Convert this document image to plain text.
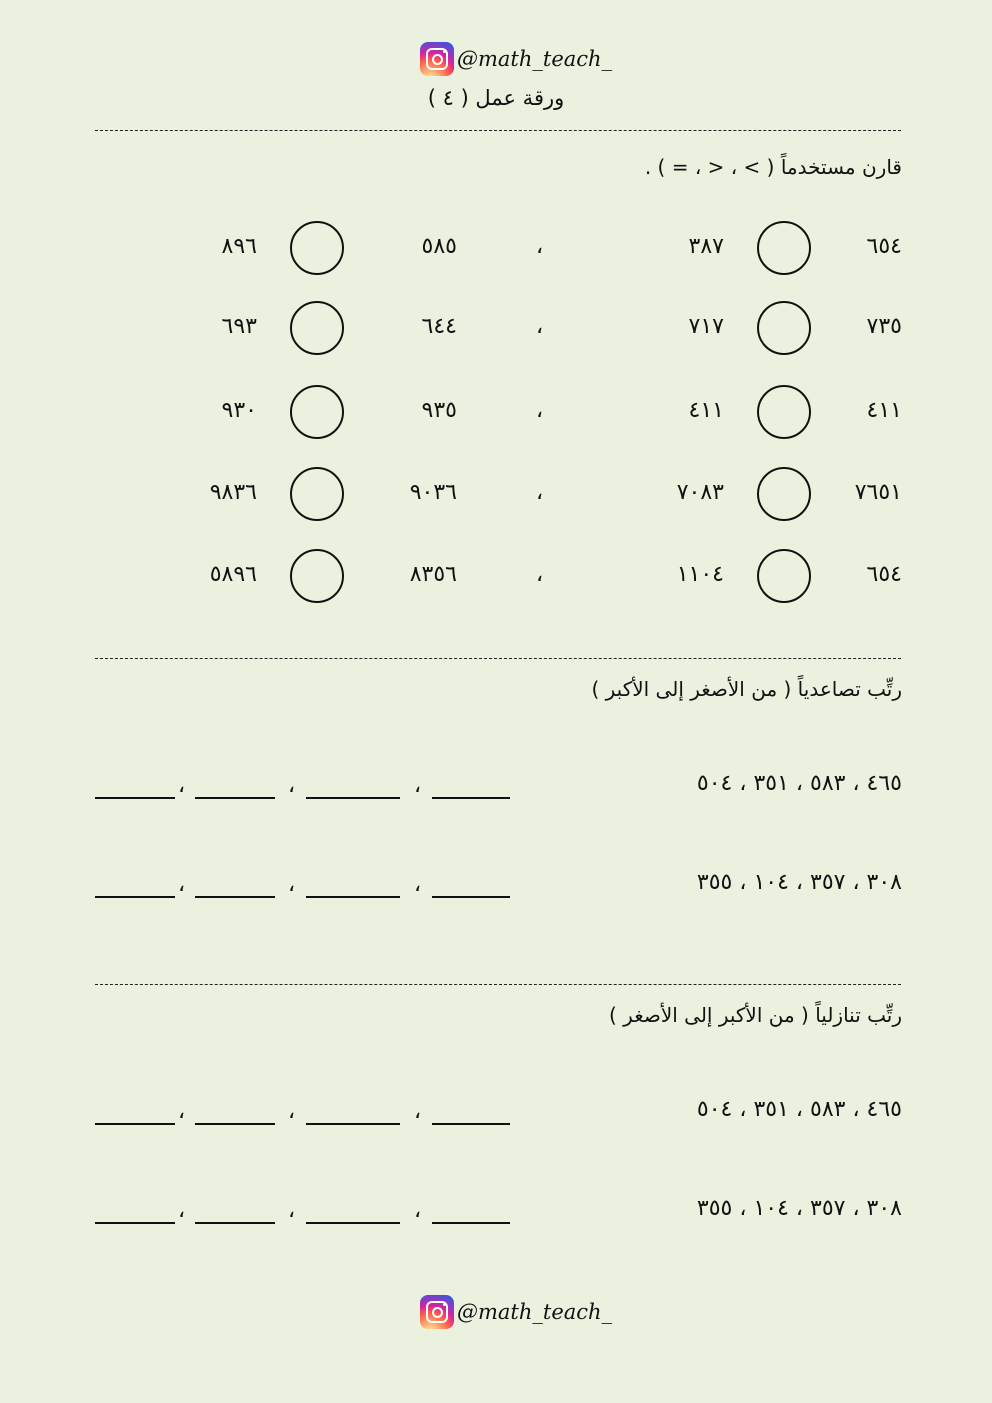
@math_teach_
ورقة عمل ( ٤ )
قارن مستخدماً ( > ، < ، = ) .
٦٥٤
٣٨٧
،
٥٨٥
٨٩٦
٧٣٥
٧١٧
،
٦٤٤
٦٩٣
٤١١
٤١١
،
٩٣٥
٩٣٠
٧٦٥١
٧٠٨٣
،
٩٠٣٦
٩٨٣٦
٦٥٤
١١٠٤
،
٨٣٥٦
٥٨٩٦
رتِّب تصاعدياً ( من الأصغر إلى الأكبر )
٤٦٥ ، ٥٨٣ ، ٣٥١ ، ٥٠٤
،
،
،
٣٠٨ ، ٣٥٧ ، ١٠٤ ، ٣٥٥
،
،
،
رتِّب تنازلياً ( من الأكبر إلى الأصغر )
٤٦٥ ، ٥٨٣ ، ٣٥١ ، ٥٠٤
،
،
،
٣٠٨ ، ٣٥٧ ، ١٠٤ ، ٣٥٥
،
،
،
@math_teach_
